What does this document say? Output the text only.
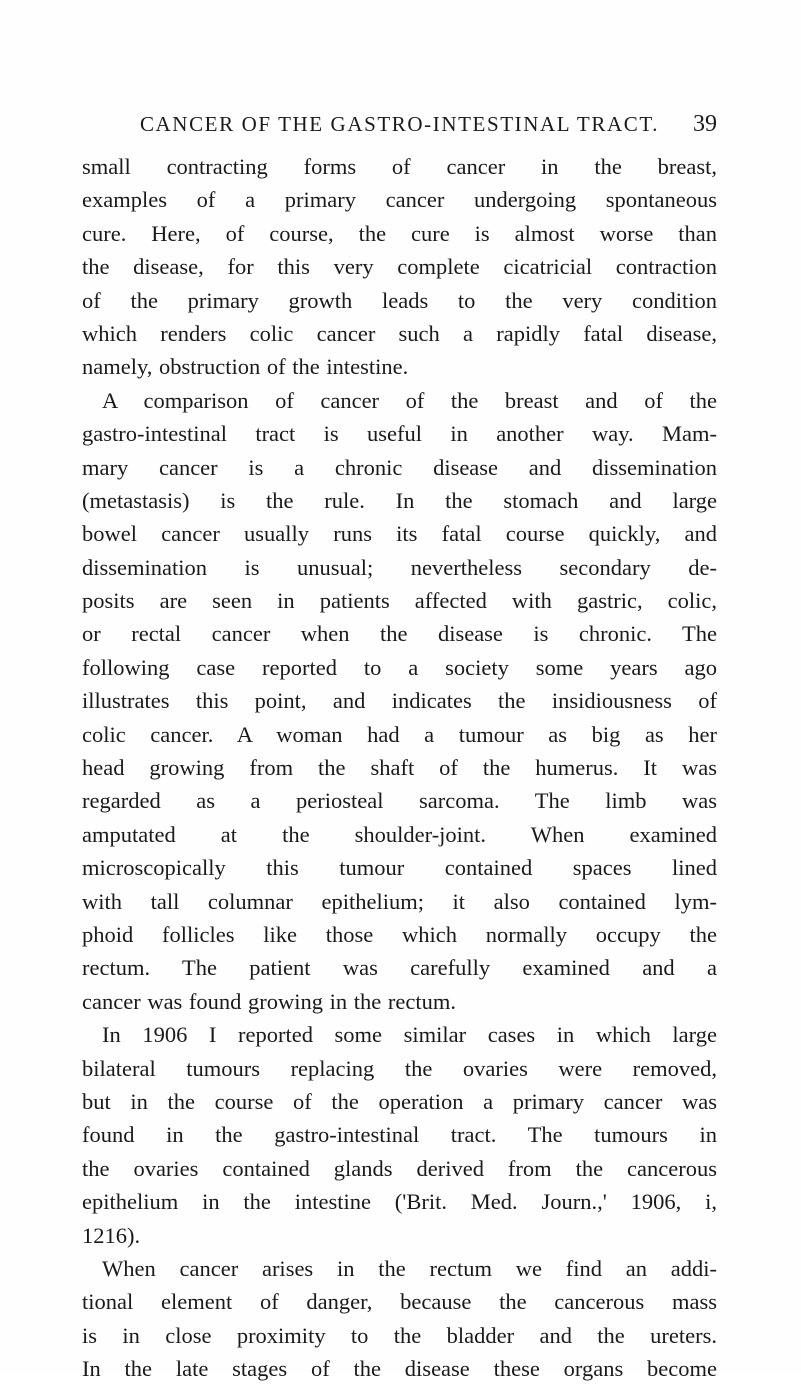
CANCER OF THE GASTRO-INTESTINAL TRACT.	39
small contracting forms of cancer in the breast,
examples of a primary cancer undergoing spontaneous
cure. Here, of course, the cure is almost worse than
the disease, for this very complete cicatricial contraction
of the primary growth leads to the very condition
which renders colic cancer such a rapidly fatal disease,
namely, obstruction of the intestine.
A comparison of cancer of the breast and of the
gastro-intestinal tract is useful in another way. Mam-
mary cancer is a chronic disease and dissemination
(metastasis) is the rule. In the stomach and large
bowel cancer usually runs its fatal course quickly, and
dissemination is unusual; nevertheless secondary de-
posits are seen in patients affected with gastric, colic,
or rectal cancer when the disease is chronic. The
following case reported to a society some years ago
illustrates this point, and indicates the insidiousness of
colic cancer. A woman had a tumour as big as her
head growing from the shaft of the humerus. It was
regarded as a periosteal sarcoma. The limb was
amputated at the shoulder-joint. When examined
microscopically this tumour contained spaces lined
with tall columnar epithelium; it also contained lym-
phoid follicles like those which normally occupy the
rectum. The patient was carefully examined and a
cancer was found growing in the rectum.
In 1906 I reported some similar cases in which large
bilateral tumours replacing the ovaries were removed,
but in the course of the operation a primary cancer was
found in the gastro-intestinal tract. The tumours in
the ovaries contained glands derived from the cancerous
epithelium in the intestine ('Brit. Med. Journ.,' 1906, i,
1216).
When cancer arises in the rectum we find an addi-
tional element of danger, because the cancerous mass
is in close proximity to the bladder and the ureters.
In the late stages of the disease these organs become
